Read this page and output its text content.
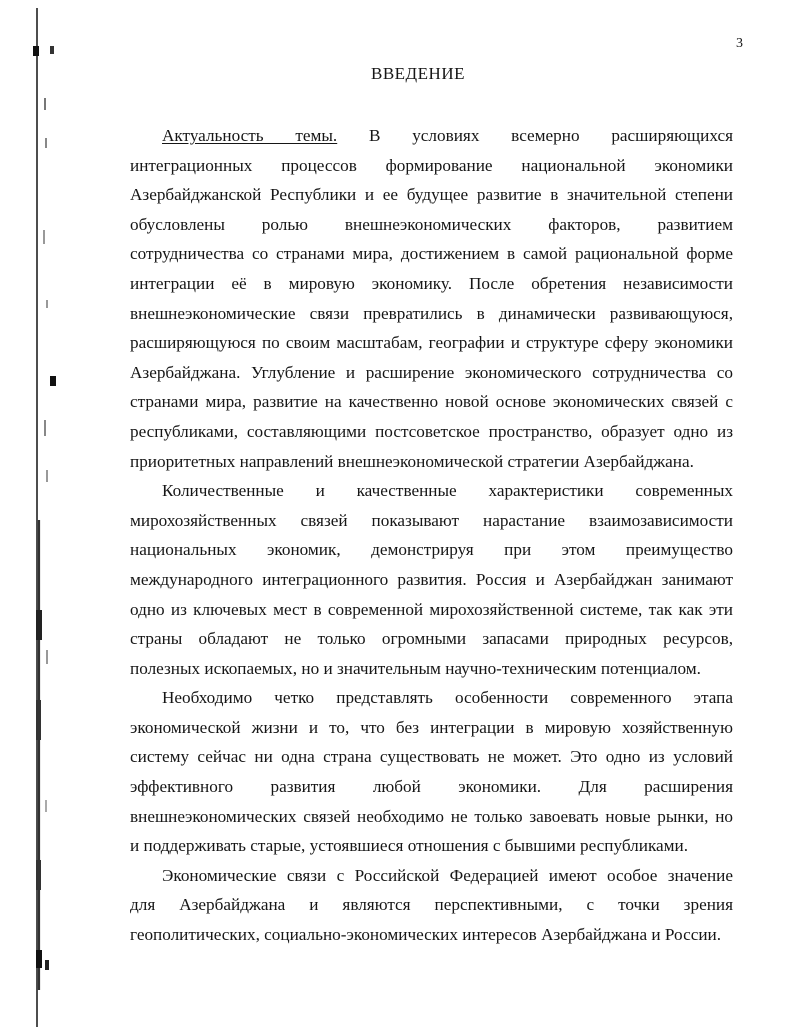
3
ВВЕДЕНИЕ
Актуальность темы. В условиях всемерно расширяющихся
интеграционных процессов формирование национальной экономики
Азербайджанской Республики и ее будущее развитие в значительной степени
обусловлены ролью внешнеэкономических факторов, развитием
сотрудничества со странами мира, достижением в самой рациональной форме
интеграции её в мировую экономику. После обретения независимости
внешнеэкономические связи превратились в динамически развивающуюся,
расширяющуюся по своим масштабам, географии и структуре сферу экономики
Азербайджана. Углубление и расширение экономического сотрудничества со
странами мира, развитие на качественно новой основе экономических связей с
республиками, составляющими постсоветское пространство, образует одно из
приоритетных направлений внешнеэкономической стратегии Азербайджана.
Количественные и качественные характеристики современных
мирохозяйственных связей показывают нарастание взаимозависимости
национальных экономик, демонстрируя при этом преимущество
международного интеграционного развития. Россия и Азербайджан занимают
одно из ключевых мест в современной мирохозяйственной системе, так как эти
страны обладают не только огромными запасами природных ресурсов,
полезных ископаемых, но и значительным научно-техническим потенциалом.
Необходимо четко представлять особенности современного этапа
экономической жизни и то, что без интеграции в мировую хозяйственную
систему сейчас ни одна страна существовать не может. Это одно из условий
эффективного развития любой экономики. Для расширения
внешнеэкономических связей необходимо не только завоевать новые рынки, но
и поддерживать старые, устоявшиеся отношения с бывшими республиками.
Экономические связи с Российской Федерацией имеют особое значение
для Азербайджана и являются перспективными, с точки зрения
геополитических, социально-экономических интересов Азербайджана и России.
